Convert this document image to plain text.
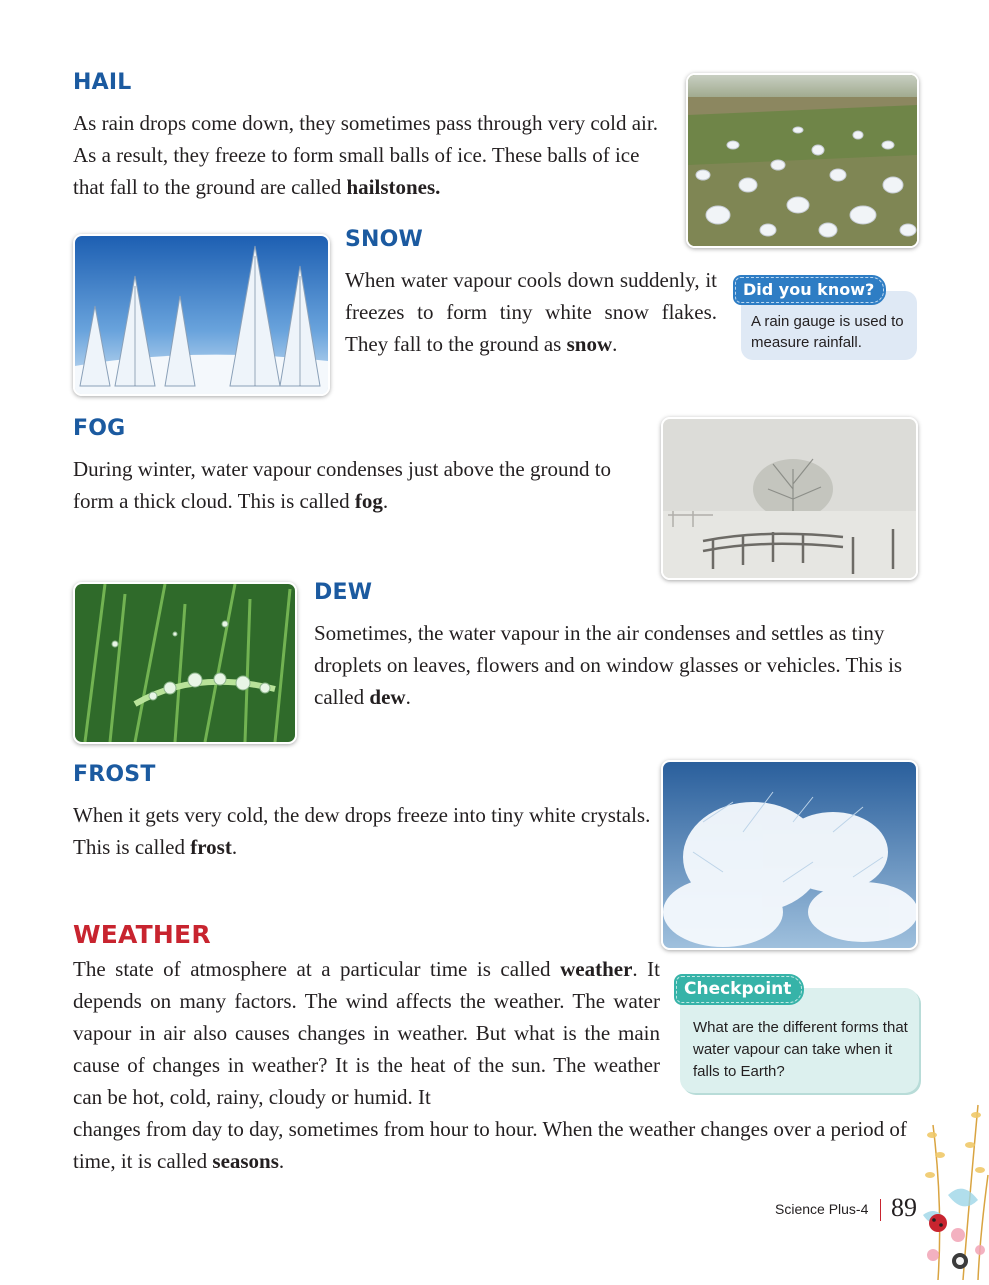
HAIL

As rain drops come down, they sometimes pass through very cold air. As a result, they freeze to form small balls of ice. These balls of ice that fall to the ground are called hailstones.

SNOW

When water vapour cools down suddenly, it freezes to form tiny white snow flakes. They fall to the ground as snow.

Did you know?
A rain gauge is used to measure rainfall.
FOG

During winter, water vapour condenses just above the ground to form a thick cloud. This is called fog.

DEW

Sometimes, the water vapour in the air condenses and settles as tiny droplets on leaves, flowers and on window glasses or vehicles. This is called dew.

FROST

When it gets very cold, the dew drops freeze into tiny white crystals. This is called frost.

WEATHER

The state of atmosphere at a particular time is called weather. It depends on many factors. The wind affects the weather. The water vapour in air also causes changes in weather. But what is the main cause of changes in weather? It is the heat of the sun. The weather can be hot, cold, rainy, cloudy or humid. It

changes from day to day, sometimes from hour to hour. When the weather changes over a period of time, it is called seasons.

Checkpoint
What are the different forms that water vapour can take when it falls to Earth?
Science Plus-4 89
